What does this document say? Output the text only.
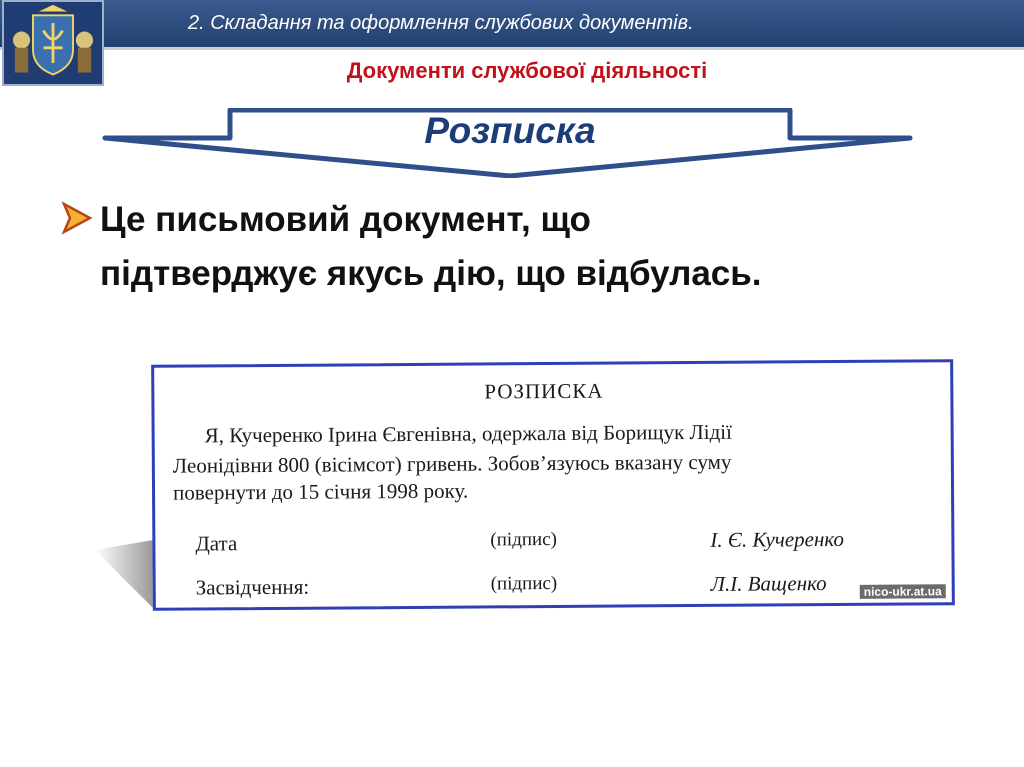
2. Складання та оформлення службових документів.
Документи службової діяльності
Розписка
Це письмовий документ, що
підтверджує якусь дію, що відбулась.
РОЗПИСКА
Я, Кучеренко Ірина Євгенівна, одержала від Борищук Лідії
Леонідівни 800 (вісімсот) гривень. Зобов’язуюсь вказану суму
повернути до 15 січня 1998 року.
Дата	(підпис)	І. Є. Кучеренко
Засвідчення:	(підпис)	Л.І. Ващенко	nico-ukr.at.ua
